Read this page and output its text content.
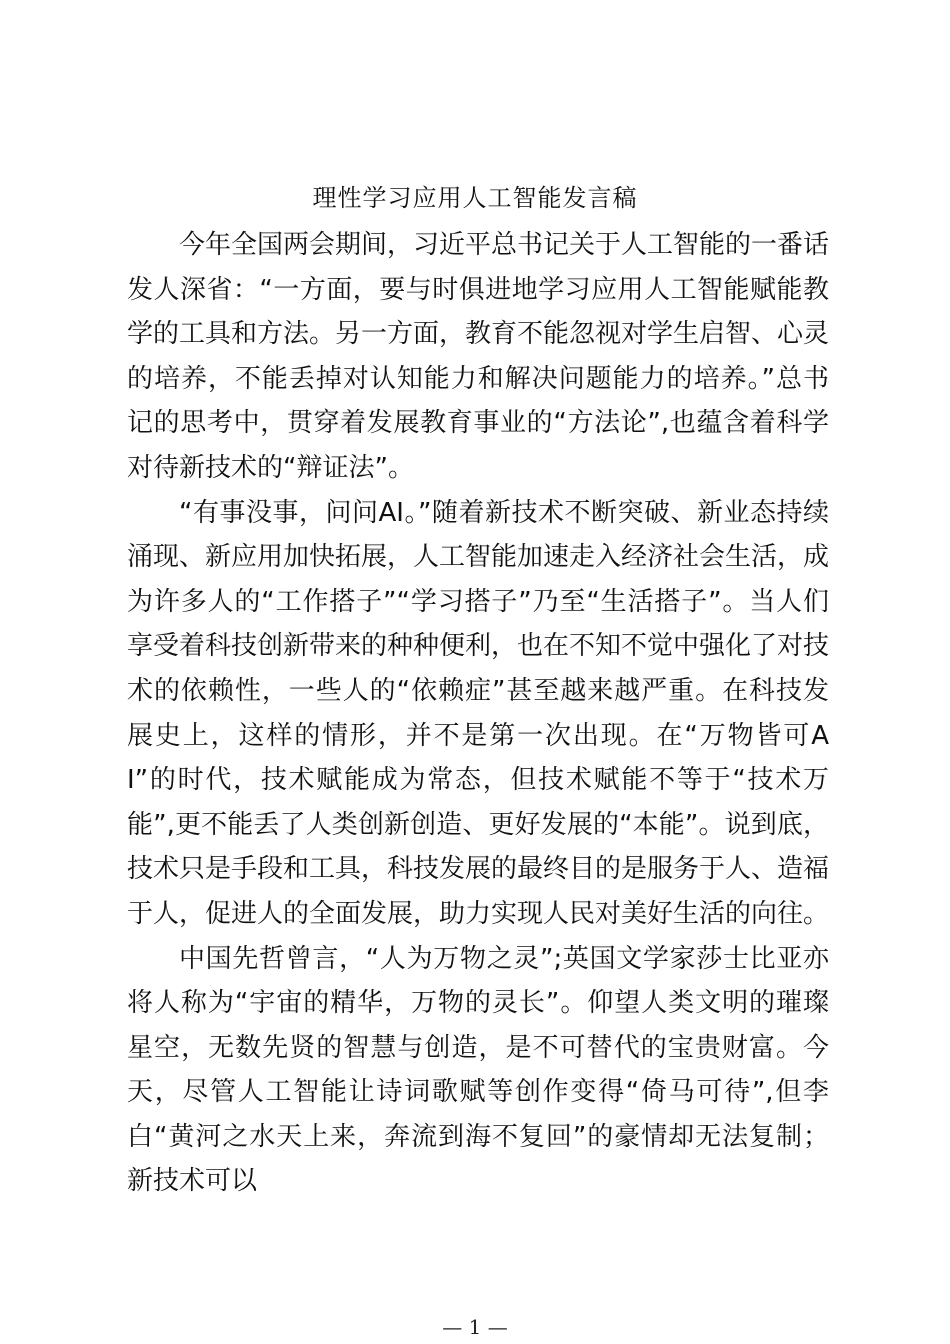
理性学习应用人工智能发言稿

今年全国两会期间，习近平总书记关于人工智能的一番话发人深省：“一方面，要与时俱进地学习应用人工智能赋能教学的工具和方法。另一方面，教育不能忽视对学生启智、心灵的培养，不能丢掉对认知能力和解决问题能力的培养。”总书记的思考中，贯穿着发展教育事业的“方法论”,也蕴含着科学对待新技术的“辩证法”。

“有事没事，问问AI。”随着新技术不断突破、新业态持续涌现、新应用加快拓展，人工智能加速走入经济社会生活，成为许多人的“工作搭子”“学习搭子”乃至“生活搭子”。当人们享受着科技创新带来的种种便利，也在不知不觉中强化了对技术的依赖性，一些人的“依赖症”甚至越来越严重。在科技发展史上，这样的情形，并不是第一次出现。在“万物皆可AI”的时代，技术赋能成为常态，但技术赋能不等于“技术万能”,更不能丢了人类创新创造、更好发展的“本能”。说到底，技术只是手段和工具，科技发展的最终目的是服务于人、造福于人，促进人的全面发展，助力实现人民对美好生活的向往。

中国先哲曾言，“人为万物之灵”;英国文学家莎士比亚亦将人称为“宇宙的精华，万物的灵长”。仰望人类文明的璀璨星空，无数先贤的智慧与创造，是不可替代的宝贵财富。今天，尽管人工智能让诗词歌赋等创作变得“倚马可待”,但李白“黄河之水天上来，奔流到海不复回”的豪情却无法复制；新技术可以

— 1 —
